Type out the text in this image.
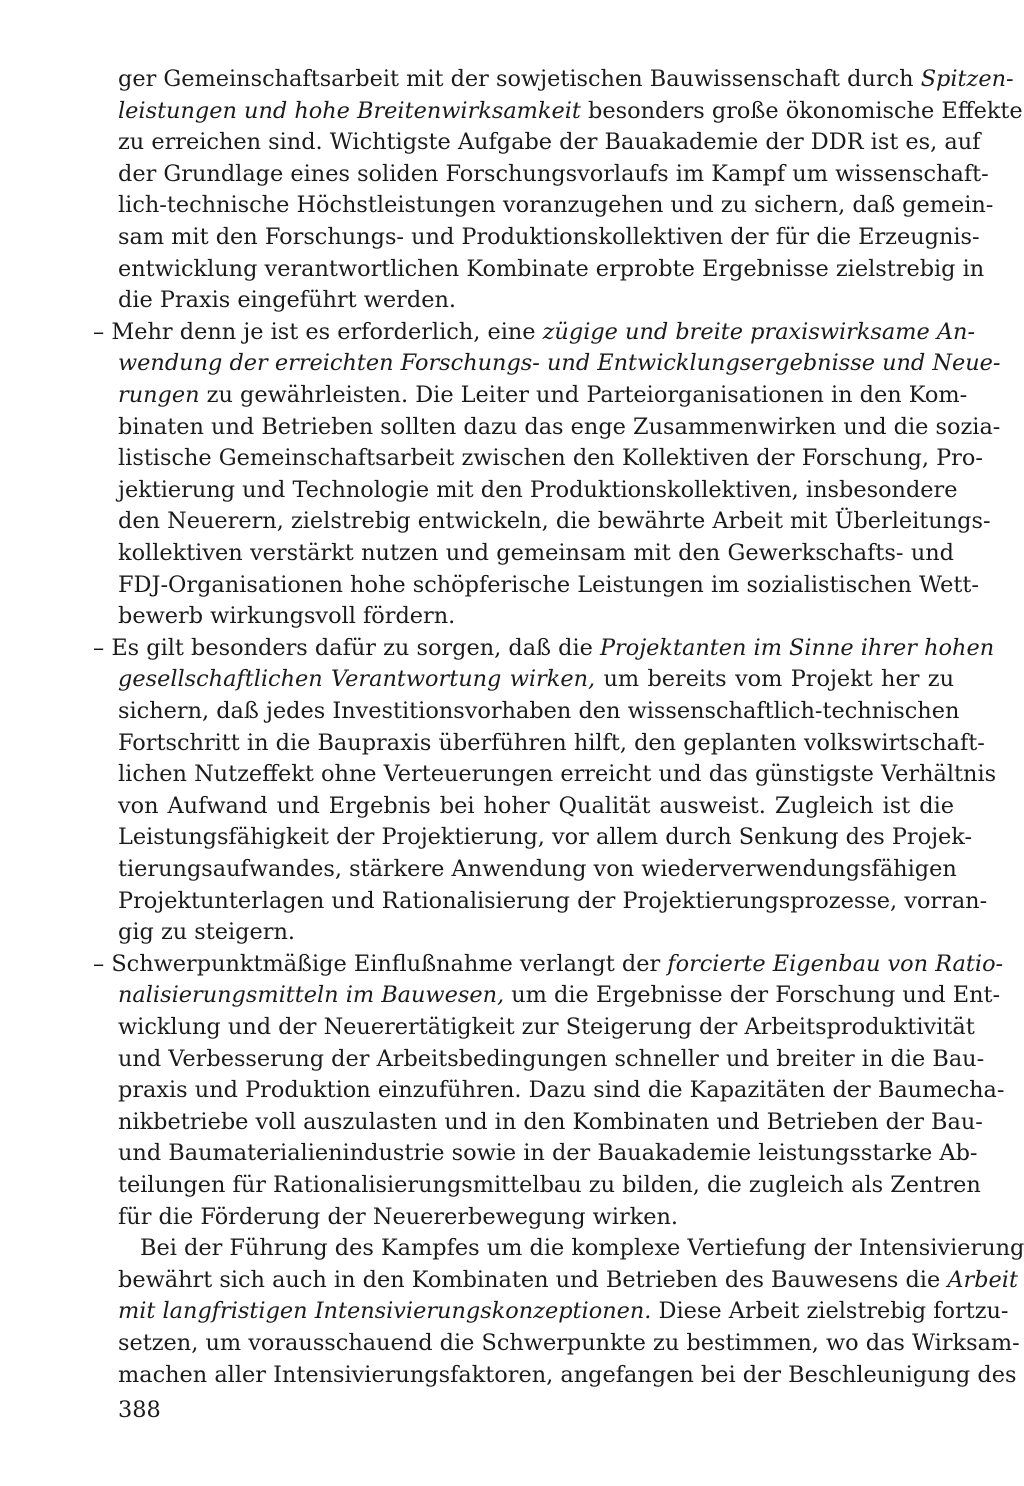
ger Gemeinschaftsarbeit mit der sowjetischen Bauwissenschaft durch Spitzen-
leistungen und hohe Breitenwirksamkeit besonders große ökonomische Effekte
zu erreichen sind. Wichtigste Aufgabe der Bauakademie der DDR ist es, auf
der Grundlage eines soliden Forschungsvorlaufs im Kampf um wissenschaft-
lich-technische Höchstleistungen voranzugehen und zu sichern, daß gemein-
sam mit den Forschungs- und Produktionskollektiven der für die Erzeugnis-
entwicklung verantwortlichen Kombinate erprobte Ergebnisse zielstrebig in
die Praxis eingeführt werden.
– Mehr denn je ist es erforderlich, eine zügige und breite praxiswirksame An-
wendung der erreichten Forschungs- und Entwicklungsergebnisse und Neue-
rungen zu gewährleisten. Die Leiter und Parteiorganisationen in den Kom-
binaten und Betrieben sollten dazu das enge Zusammenwirken und die sozia-
listische Gemeinschaftsarbeit zwischen den Kollektiven der Forschung, Pro-
jektierung und Technologie mit den Produktionskollektiven, insbesondere
den Neuerern, zielstrebig entwickeln, die bewährte Arbeit mit Überleitungs-
kollektiven verstärkt nutzen und gemeinsam mit den Gewerkschafts- und
FDJ-Organisationen hohe schöpferische Leistungen im sozialistischen Wett-
bewerb wirkungsvoll fördern.
– Es gilt besonders dafür zu sorgen, daß die Projektanten im Sinne ihrer hohen
gesellschaftlichen Verantwortung wirken, um bereits vom Projekt her zu
sichern, daß jedes Investitionsvorhaben den wissenschaftlich-technischen
Fortschritt in die Baupraxis überführen hilft, den geplanten volkswirtschaft-
lichen Nutzeffekt ohne Verteuerungen erreicht und das günstigste Verhältnis
von Aufwand und Ergebnis bei hoher Qualität ausweist. Zugleich ist die
Leistungsfähigkeit der Projektierung, vor allem durch Senkung des Projek-
tierungsaufwandes, stärkere Anwendung von wiederverwendungsfähigen
Projektunterlagen und Rationalisierung der Projektierungsprozesse, vorran-
gig zu steigern.
– Schwerpunktmäßige Einflußnahme verlangt der forcierte Eigenbau von Ratio-
nalisierungsmitteln im Bauwesen, um die Ergebnisse der Forschung und Ent-
wicklung und der Neuerertätigkeit zur Steigerung der Arbeitsproduktivität
und Verbesserung der Arbeitsbedingungen schneller und breiter in die Bau-
praxis und Produktion einzuführen. Dazu sind die Kapazitäten der Baumecha-
nikbetriebe voll auszulasten und in den Kombinaten und Betrieben der Bau-
und Baumaterialienindustrie sowie in der Bauakademie leistungsstarke Ab-
teilungen für Rationalisierungsmittelbau zu bilden, die zugleich als Zentren
für die Förderung der Neuererbewegung wirken.
Bei der Führung des Kampfes um die komplexe Vertiefung der Intensivierung
bewährt sich auch in den Kombinaten und Betrieben des Bauwesens die Arbeit
mit langfristigen Intensivierungskonzeptionen. Diese Arbeit zielstrebig fortzu-
setzen, um vorausschauend die Schwerpunkte zu bestimmen, wo das Wirksam-
machen aller Intensivierungsfaktoren, angefangen bei der Beschleunigung des
388
